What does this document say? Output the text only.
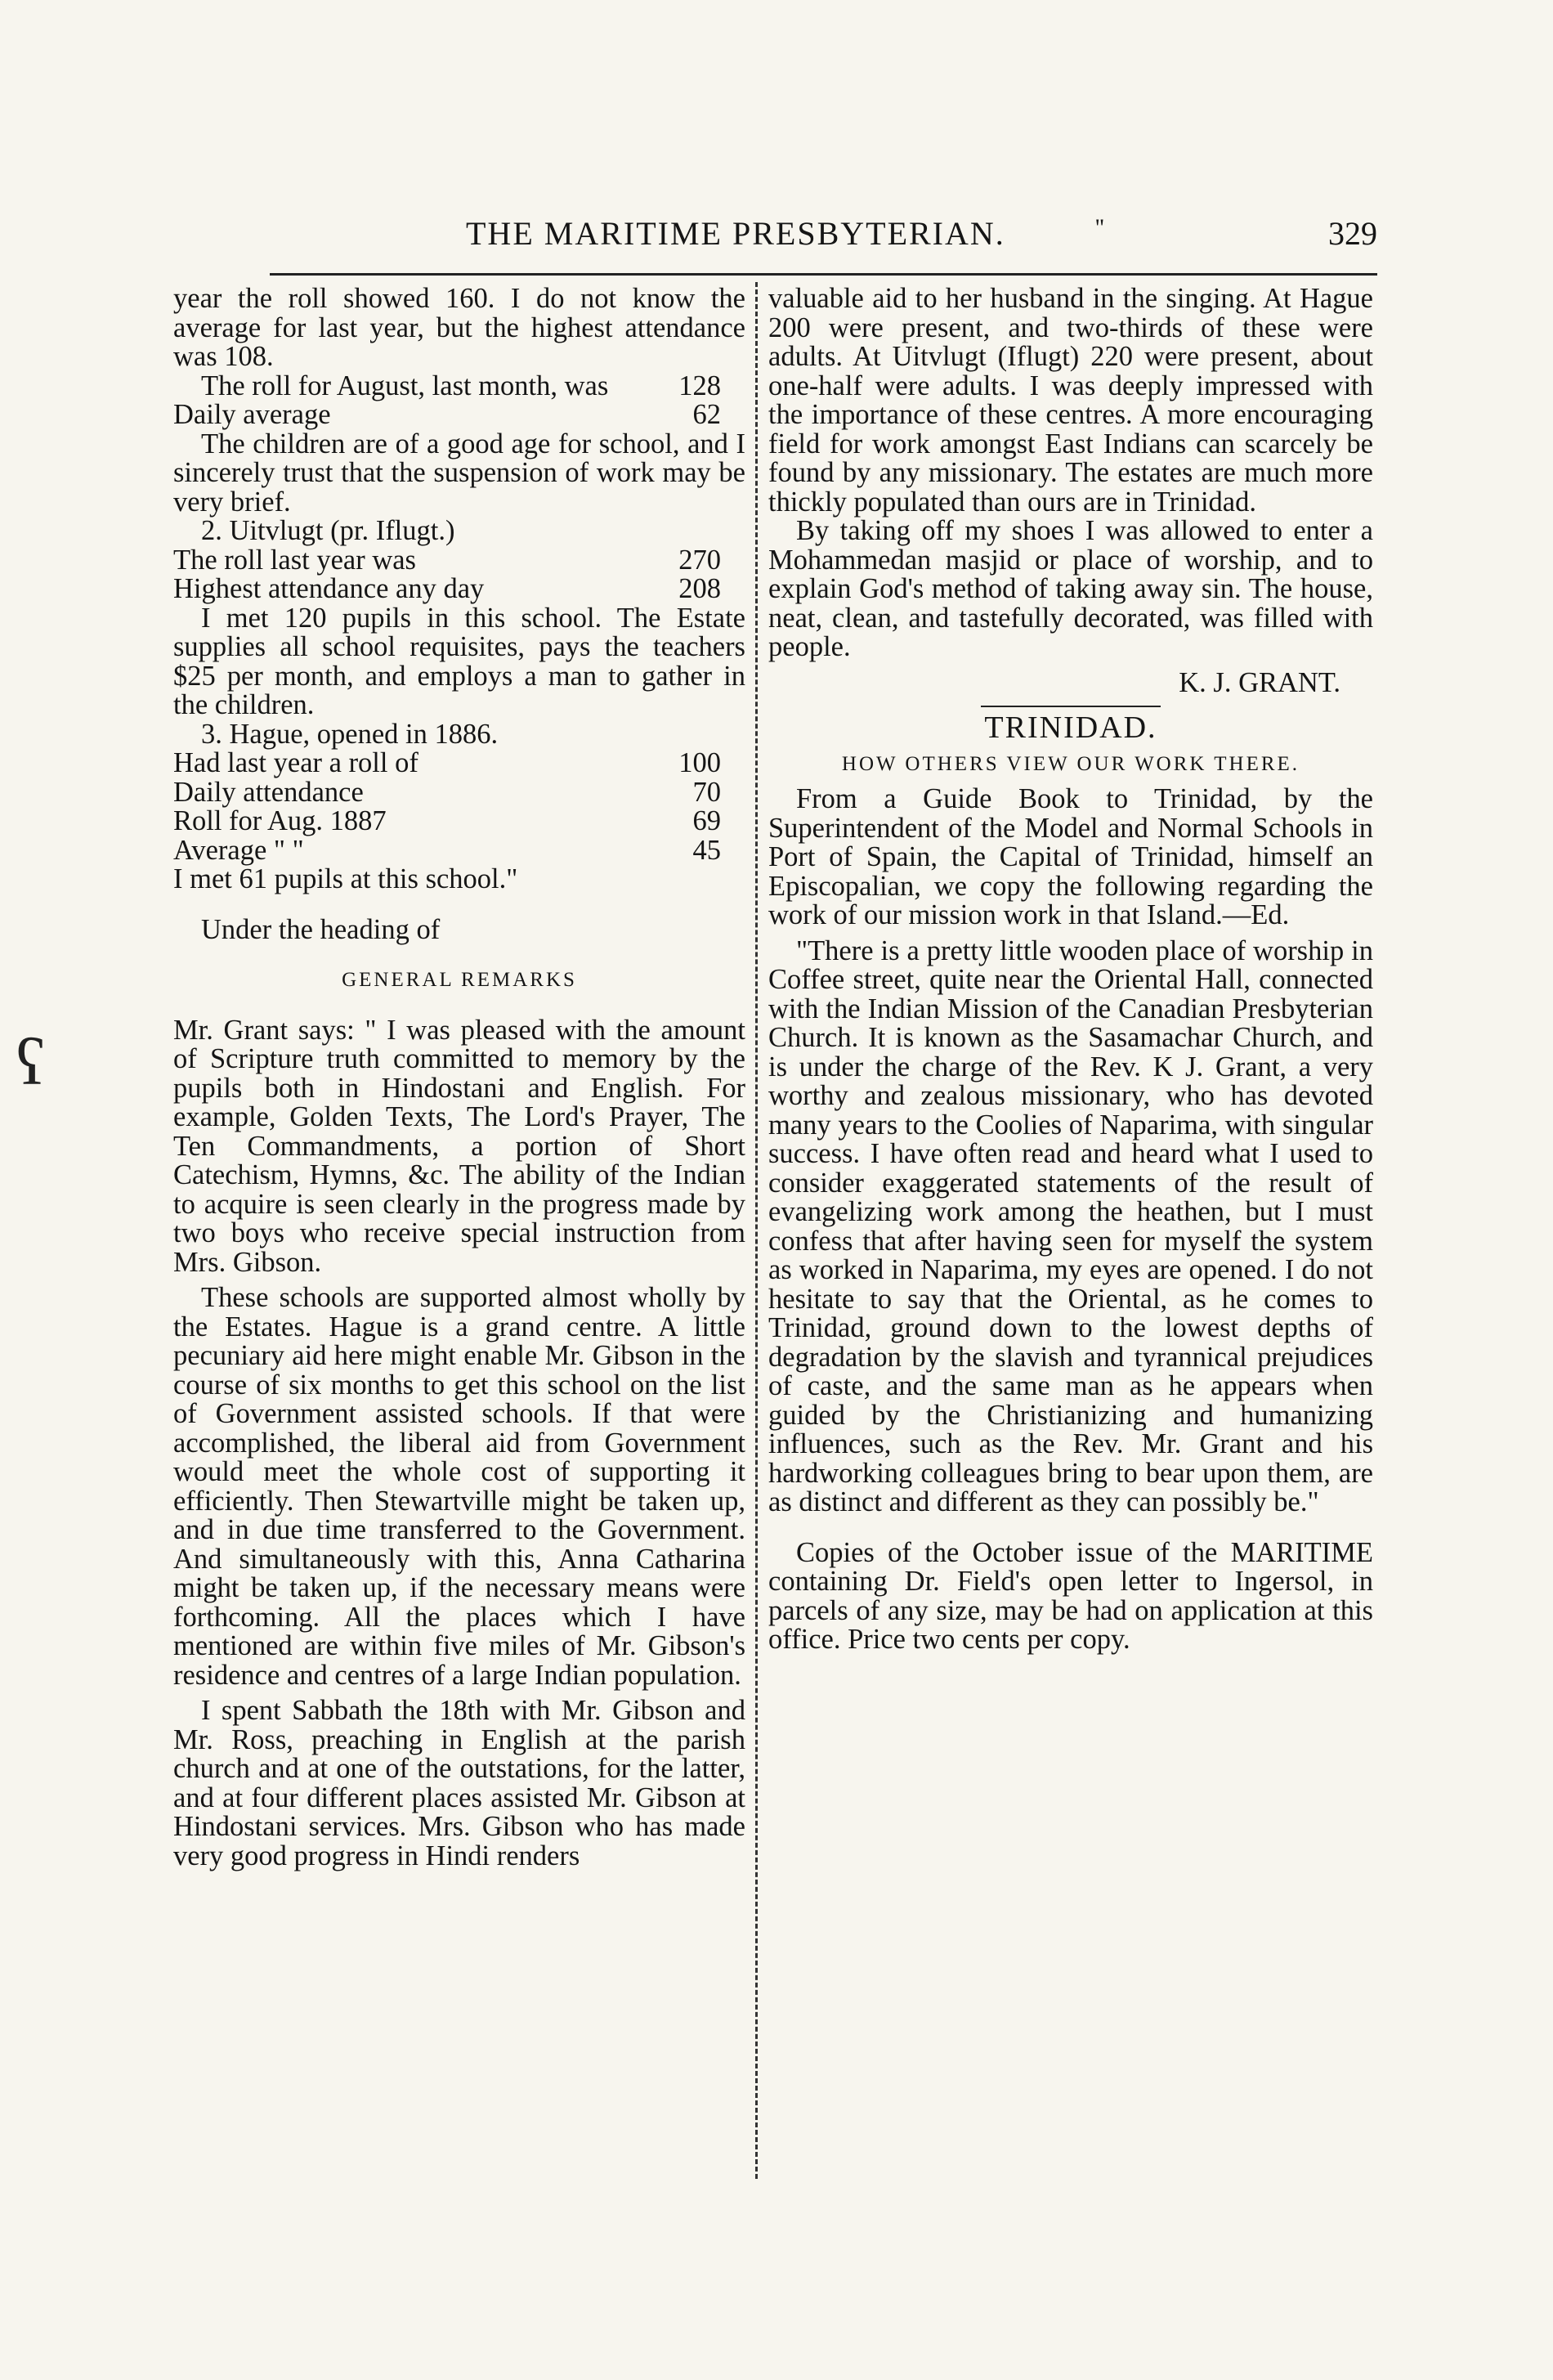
THE MARITIME PRESBYTERIAN.	''	329
ʕ

year the roll showed 160. I do not know the average for last year, but the highest attendance was 108.

The roll for August, last month, was	128

Daily average	62

The children are of a good age for school, and I sincerely trust that the suspension of work may be very brief.

2. Uitvlugt (pr. Iflugt.)

The roll last year was	270

Highest attendance any day	208

I met 120 pupils in this school. The Estate supplies all school requisites, pays the teachers $25 per month, and employs a man to gather in the children.

3. Hague, opened in 1886.

Had last year a roll of	100

Daily attendance	70

Roll for Aug. 1887	69

Average " "	45

I met 61 pupils at this school."

Under the heading of

GENERAL REMARKS

Mr. Grant says: " I was pleased with the amount of Scripture truth committed to memory by the pupils both in Hindostani and English. For example, Golden Texts, The Lord's Prayer, The Ten Commandments, a portion of Short Catechism, Hymns, &c. The ability of the Indian to acquire is seen clearly in the progress made by two boys who receive special instruction from Mrs. Gibson.

These schools are supported almost wholly by the Estates. Hague is a grand centre. A little pecuniary aid here might enable Mr. Gibson in the course of six months to get this school on the list of Government assisted schools. If that were accomplished, the liberal aid from Government would meet the whole cost of supporting it efficiently. Then Stewartville might be taken up, and in due time transferred to the Government. And simultaneously with this, Anna Catharina might be taken up, if the necessary means were forthcoming. All the places which I have mentioned are within five miles of Mr. Gibson's residence and centres of a large Indian population.

I spent Sabbath the 18th with Mr. Gibson and Mr. Ross, preaching in English at the parish church and at one of the outstations, for the latter, and at four different places assisted Mr. Gibson at Hindostani services. Mrs. Gibson who has made very good progress in Hindi renders

valuable aid to her husband in the singing. At Hague 200 were present, and two-thirds of these were adults. At Uitvlugt (Iflugt) 220 were present, about one-half were adults. I was deeply impressed with the importance of these centres. A more encouraging field for work amongst East Indians can scarcely be found by any missionary. The estates are much more thickly populated than ours are in Trinidad.

By taking off my shoes I was allowed to enter a Mohammedan masjid or place of worship, and to explain God's method of taking away sin. The house, neat, clean, and tastefully decorated, was filled with people.

K. J. GRANT.

TRINIDAD.

HOW OTHERS VIEW OUR WORK THERE.

From a Guide Book to Trinidad, by the Superintendent of the Model and Normal Schools in Port of Spain, the Capital of Trinidad, himself an Episcopalian, we copy the following regarding the work of our mission work in that Island.—Ed.

"There is a pretty little wooden place of worship in Coffee street, quite near the Oriental Hall, connected with the Indian Mission of the Canadian Presbyterian Church. It is known as the Sasamachar Church, and is under the charge of the Rev. K J. Grant, a very worthy and zealous missionary, who has devoted many years to the Coolies of Naparima, with singular success. I have often read and heard what I used to consider exaggerated statements of the result of evangelizing work among the heathen, but I must confess that after having seen for myself the system as worked in Naparima, my eyes are opened. I do not hesitate to say that the Oriental, as he comes to Trinidad, ground down to the lowest depths of degradation by the slavish and tyrannical prejudices of caste, and the same man as he appears when guided by the Christianizing and humanizing influences, such as the Rev. Mr. Grant and his hardworking colleagues bring to bear upon them, are as distinct and different as they can possibly be."

Copies of the October issue of the MARITIME containing Dr. Field's open letter to Ingersol, in parcels of any size, may be had on application at this office. Price two cents per copy.
